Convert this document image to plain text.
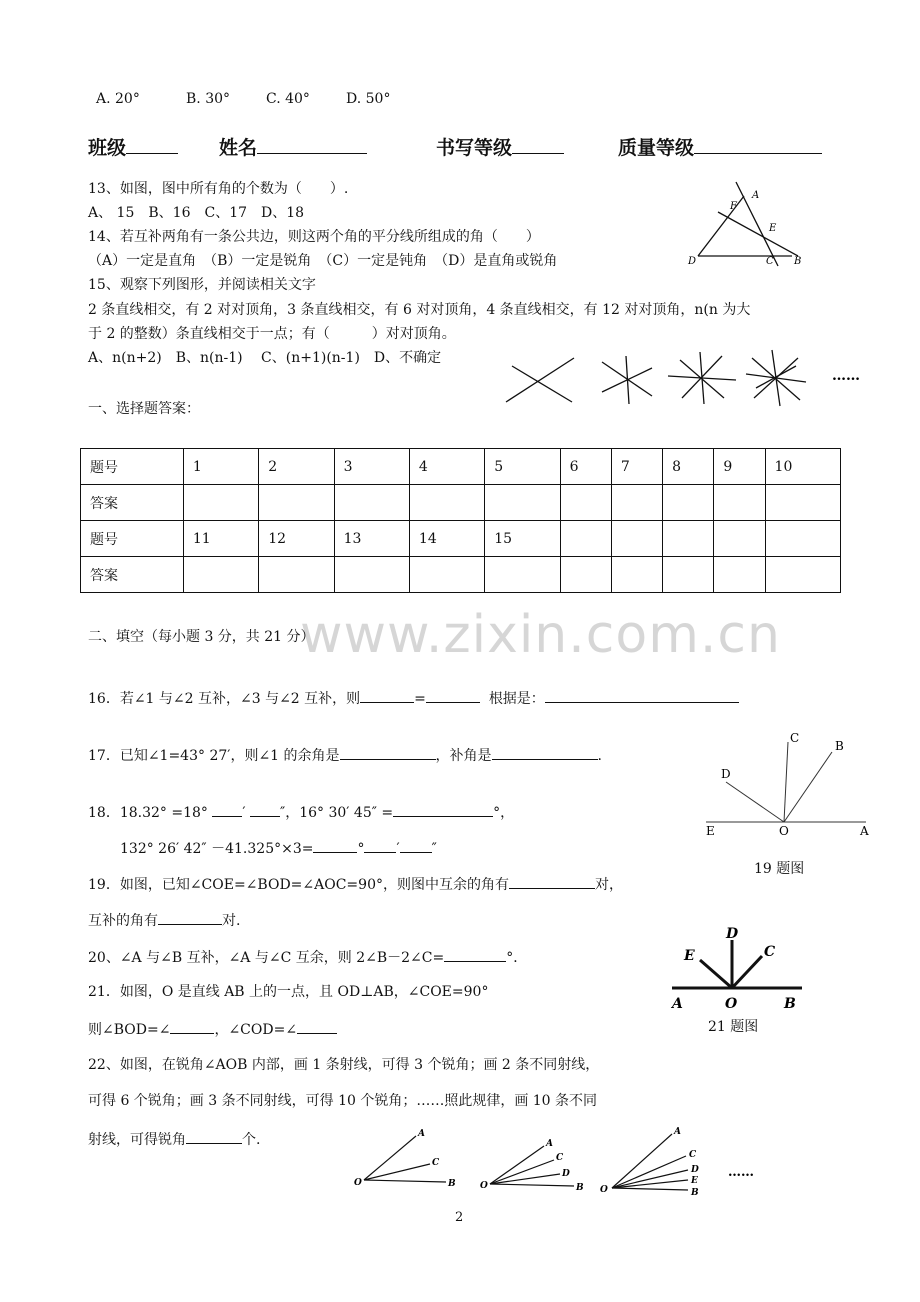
A. 20°	B. 30°	C. 40°	D. 50°
班级	姓名	书写等级	质量等级
13、如图，图中所有角的个数为（　　）.
A、 15　B、16　C、17　D、18
A
F
E
D	C B
14、若互补两角有一条公共边，则这两个角的平分线所组成的角（　　）
（A）一定是直角　（B）一定是锐角　（C）一定是钝角　（D）是直角或锐角
15、观察下列图形，并阅读相关文字
2 条直线相交，有 2 对对顶角，3 条直线相交，有 6 对对顶角，4 条直线相交，有 12 对对顶角，n(n 为大
于 2 的整数）条直线相交于一点；有（　　　）对对顶角。
A、n(n+2)　B、n(n-1)　 C、(n+1)(n-1)　D、不确定
……
一、选择题答案：
题号	1	2	3	4	5	6	7	8	9	10
答案										
题号	11	12	13	14	15					
答案										
www.zixin.com.cn
二、填空（每小题 3 分，共 21 分）
16．若∠1 与∠2 互补，∠3 与∠2 互补，则	=	根据是：
17．已知∠1=43° 27′，则∠1 的余角是	，补角是	.
C
B
D
E	O	A
19 题图
18．18.32° =18° ′ ″，16° 30′ 45″ =	°，
132° 26′ 42″ －41.325°×3=	° ′ ″
19．如图，已知∠COE=∠BOD=∠AOC=90°，则图中互余的角有	对，
互补的角有	对.
20、∠A 与∠B 互补，∠A 与∠C 互余，则 2∠B－2∠C=	°．	E
D
C
A	O	B
21 题图
21．如图，O 是直线 AB 上的一点，且 OD⊥AB，∠COE=90°
则∠BOD=∠	，∠COD=∠
22、如图，在锐角∠AOB 内部，画 1 条射线，可得 3 个锐角；画 2 条不同射线，
可得 6 个锐角；画 3 条不同射线，可得 10 个锐角；……照此规律，画 10 条不同
射线，可得锐角	个.
O
A
C
B	O
A
C
D
B O
A
C
D
E
B
……
2
